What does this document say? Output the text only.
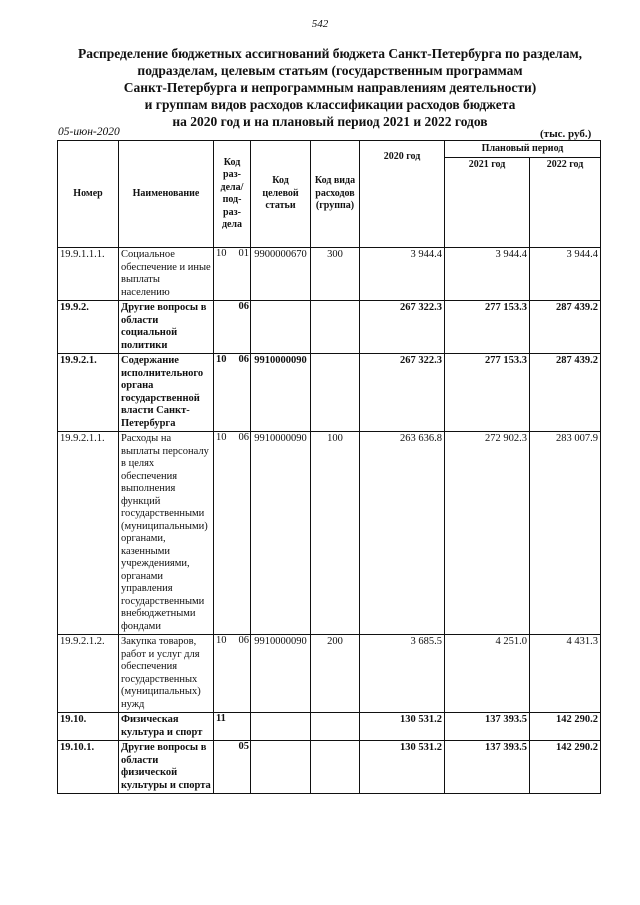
542
Распределение бюджетных ассигнований бюджета Санкт-Петербурга по разделам,
подразделам, целевым статьям (государственным программам
Санкт-Петербурга и непрограммным направлениям деятельности)
и группам видов расходов классификации расходов бюджета
на 2020 год и на плановый период 2021 и 2022 годов
05-июн-2020	(тыс. руб.)
Номер	Наименование	Код раз- дела/ под- раз- дела	Код целевой статьи	Код вида расходов (группа)	2020 год	Плановый период	
						2021 год	2022 год
19.9.1.1.1.	Социальное обеспечение и иные выплаты населению	10 01	9900000670	300	3 944.4	3 944.4	3 944.4
19.9.2.	Другие вопросы в области социальной политики	06			267 322.3	277 153.3	287 439.2
19.9.2.1.	Содержание исполнительного органа государственной власти Санкт-Петербурга	10 06	9910000090		267 322.3	277 153.3	287 439.2
19.9.2.1.1.	Расходы на выплаты персоналу в целях обеспечения выполнения функций государственными (муниципальными) органами, казенными учреждениями, органами управления государственными внебюджетными фондами	10 06	9910000090	100	263 636.8	272 902.3	283 007.9
19.9.2.1.2.	Закупка товаров, работ и услуг для обеспечения государственных (муниципальных) нужд	10 06	9910000090	200	3 685.5	4 251.0	4 431.3
19.10.	Физическая культура и спорт	11			130 531.2	137 393.5	142 290.2
19.10.1.	Другие вопросы в области физической культуры и спорта	05			130 531.2	137 393.5	142 290.2
